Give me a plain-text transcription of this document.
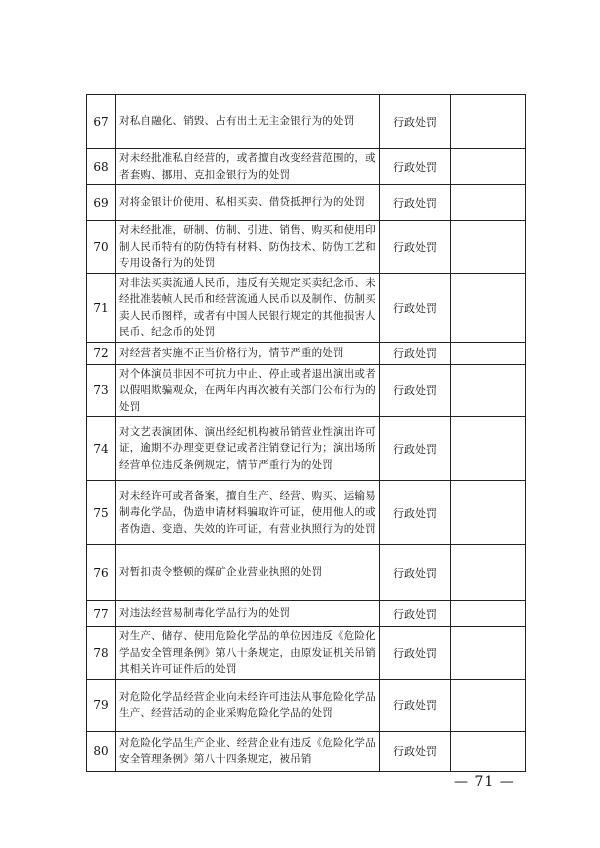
67	对私自融化、销毁、占有出土无主金银行为的处罚	行政处罚	
68	对未经批准私自经营的，或者擅自改变经营范围的，或者套购、挪用、克扣金银行为的处罚	行政处罚	
69	对将金银计价使用、私相买卖、借贷抵押行为的处罚	行政处罚	
70	对未经批准，研制、仿制、引进、销售、购买和使用印制人民币特有的防伪特有材料、防伪技术、防伪工艺和专用设备行为的处罚	行政处罚	
71	对非法买卖流通人民币，违反有关规定买卖纪念币、未经批准装帧人民币和经营流通人民币以及制作、仿制买卖人民币图样，或者有中国人民银行规定的其他损害人民币、纪念币的处罚	行政处罚	
72	对经营者实施不正当价格行为，情节严重的处罚	行政处罚	
73	对个体演员非因不可抗力中止、停止或者退出演出或者以假唱欺骗观众，在两年内再次被有关部门公布行为的处罚	行政处罚	
74	对文艺表演团体、演出经纪机构被吊销营业性演出许可证，逾期不办理变更登记或者注销登记行为；演出场所经营单位违反条例规定，情节严重行为的处罚	行政处罚	
75	对未经许可或者备案，擅自生产、经营、购买、运输易制毒化学品，伪造申请材料骗取许可证，使用他人的或者伪造、变造、失效的许可证，有营业执照行为的处罚	行政处罚	
76	对暂扣责令整顿的煤矿企业营业执照的处罚	行政处罚	
77	对违法经营易制毒化学品行为的处罚	行政处罚	
78	对生产、储存、使用危险化学品的单位因违反《危险化学品安全管理条例》第八十条规定，由原发证机关吊销其相关许可证件后的处罚	行政处罚	
79	对危险化学品经营企业向未经许可违法从事危险化学品生产、经营活动的企业采购危险化学品的处罚	行政处罚	
80	对危险化学品生产企业、经营企业有违反《危险化学品安全管理条例》第八十四条规定，被吊销	行政处罚	
— 71 —
